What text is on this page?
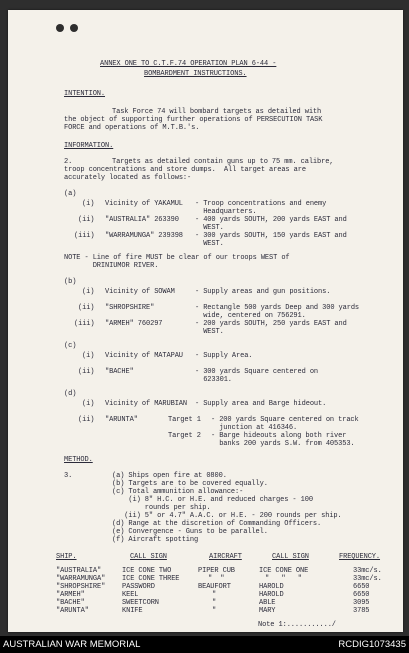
ANNEX ONE TO C.T.F.74 OPERATION PLAN 6-44 -
BOMBARDMENT INSTRUCTIONS.
INTENTION.
Task Force 74 will bombard targets as detailed with
the object of supporting further operations of PERSECUTION TASK
FORCE and operations of M.T.B.'s.
INFORMATION.
2.	Targets as detailed contain guns up to 75 mm. calibre,
troop concentrations and store dumps.  All target areas are
accurately located as follows:-
(a)
(i) Vicinity of YAKAMUL - Troop concentrations and enemy
Headquarters.
(ii) "AUSTRALIA" 263390 - 400 yards SOUTH, 200 yards EAST and
WEST.
(iii) "WARRAMUNGA" 239398 - 300 yards SOUTH, 150 yards EAST and
WEST.
NOTE - Line of fire MUST be clear of our troops WEST of
DRINIUMOR RIVER.
(b)
(i) Vicinity of SOWAM	- Supply areas and gun positions.
(ii) "SHROPSHIRE"	- Rectangle 500 yards Deep and 300 yards
wide, centered on 756291.
(iii) "ARMEH" 760297	- 200 yards SOUTH, 250 yards EAST and
WEST.
(c)
(i) Vicinity of MATAPAU - Supply Area.
(ii) "BACHE"	- 300 yards Square centered on
623301.
(d)
(i) Vicinity of MARUBIAN - Supply area and Barge hideout.
(ii) "ARUNTA"	Target 1 - 200 yards Square centered on track
junction at 416346.
Target 2 - Barge hideouts along both river
banks 200 yards S.W. from 405353.
METHOD.
3.	(a) Ships open fire at 0800.
(b) Targets are to be covered equally.
(c) Total ammunition allowance:-
(i) 8" H.C. or H.E. and reduced charges - 100
rounds per ship.
(ii) 5" or 4.7" A.A.C. or H.E. - 200 rounds per ship.
(d) Range at the discretion of Commanding Officers.
(e) Convergence - Guns to be parallel.
(f) Aircraft spotting
SHIP.	CALL SIGN	AIRCRAFT	CALL SIGN	FREQUENCY.
"AUSTRALIA"	ICE CONE TWO	PIPER CUB	ICE CONE ONE	33mc/s.
"WARRAMUNGA" ICE CONE THREE	"  "	"   "   "	33mc/s.
"SHROPSHIRE" PASSWORD	BEAUFORT	HAROLD	6650
"ARMEH"	KEEL	"	HAROLD	6650
"BACHE"	SWEETCORN	"	ABLE	3095
"ARUNTA"	KNIFE	"	MARY	3785
Note 1:.........../
AUSTRALIAN WAR MEMORIAL	RCDIG1073435
